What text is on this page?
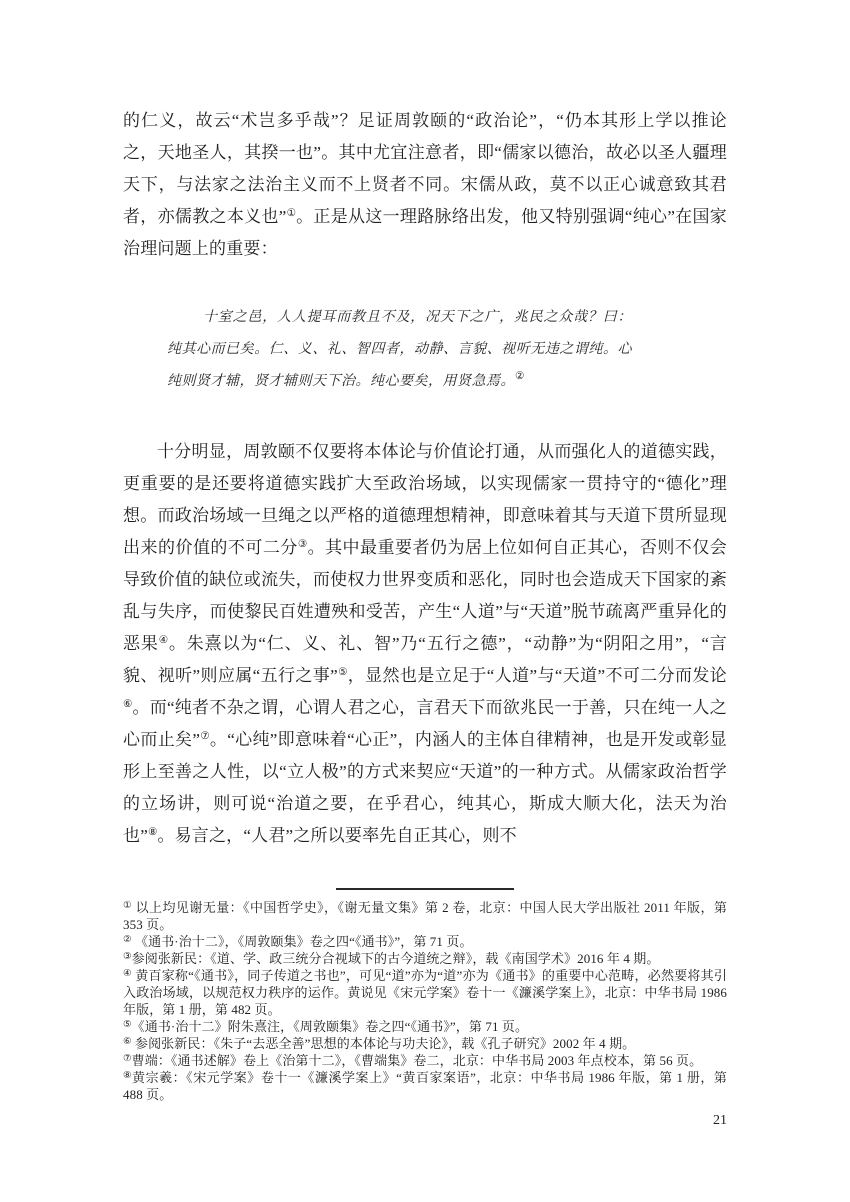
的仁义，故云“术岂多乎哉”？足证周敦颐的“政治论”，“仍本其形上学以推论之，天地圣人，其揆一也”。其中尤宜注意者，即“儒家以德治，故必以圣人疆理天下，与法家之法治主义而不上贤者不同。宋儒从政，莫不以正心诚意致其君者，亦儒教之本义也”①。正是从这一理路脉络出发，他又特别强调“纯心”在国家治理问题上的重要：

十室之邑，人人提耳而教且不及，况天下之广，兆民之众哉？曰：纯其心而已矣。仁、义、礼、智四者，动静、言貌、视听无违之谓纯。心纯则贤才辅，贤才辅则天下治。纯心要矣，用贤急焉。②

十分明显，周敦颐不仅要将本体论与价值论打通，从而强化人的道德实践，更重要的是还要将道德实践扩大至政治场域，以实现儒家一贯持守的“德化”理想。而政治场域一旦绳之以严格的道德理想精神，即意味着其与天道下贯所显现出来的价值的不可二分③。其中最重要者仍为居上位如何自正其心，否则不仅会导致价值的缺位或流失，而使权力世界变质和恶化，同时也会造成天下国家的紊乱与失序，而使黎民百姓遭殃和受苦，产生“人道”与“天道”脱节疏离严重异化的恶果④。朱熹以为“仁、义、礼、智”乃“五行之德”，“动静”为“阴阳之用”，“言貌、视听”则应属“五行之事”⑤，显然也是立足于“人道”与“天道”不可二分而发论⑥。而“纯者不杂之谓，心谓人君之心，言君天下而欲兆民一于善，只在纯一人之心而止矣”⑦。“心纯”即意味着“心正”，内涵人的主体自律精神，也是开发或彰显形上至善之人性，以“立人极”的方式来契应“天道”的一种方式。从儒家政治哲学的立场讲，则可说“治道之要，在乎君心，纯其心，斯成大顺大化，法天为治也”⑧。易言之，“人君”之所以要率先自正其心，则不

① 以上均见谢无量：《中国哲学史》，《谢无量文集》第 2 卷，北京：中国人民大学出版社 2011 年版，第 353 页。
② 《通书·治十二》，《周敦颐集》卷之四“《通书》”，第 71 页。
③参阅张新民：《道、学、政三统分合视域下的古今道统之辩》，载《南国学术》2016 年 4 期。
④ 黄百家称“《通书》，同子传道之书也”，可见“道”亦为“道”亦为《通书》的重要中心范畴，必然要将其引入政治场域，以规范权力秩序的运作。黄说见《宋元学案》卷十一《濂溪学案上》，北京：中华书局 1986 年版，第 1 册，第 482 页。
⑤《通书·治十二》附朱熹注，《周敦颐集》卷之四“《通书》”，第 71 页。
⑥ 参阅张新民：《朱子“去恶全善”思想的本体论与功夫论》，载《孔子研究》2002 年 4 期。
⑦曹端：《通书述解》卷上《治第十二》，《曹端集》卷二，北京：中华书局 2003 年点校本，第 56 页。
⑧黄宗羲：《宋元学案》卷十一《濂溪学案上》“黄百家案语”，北京：中华书局 1986 年版，第 1 册，第 488 页。
21
